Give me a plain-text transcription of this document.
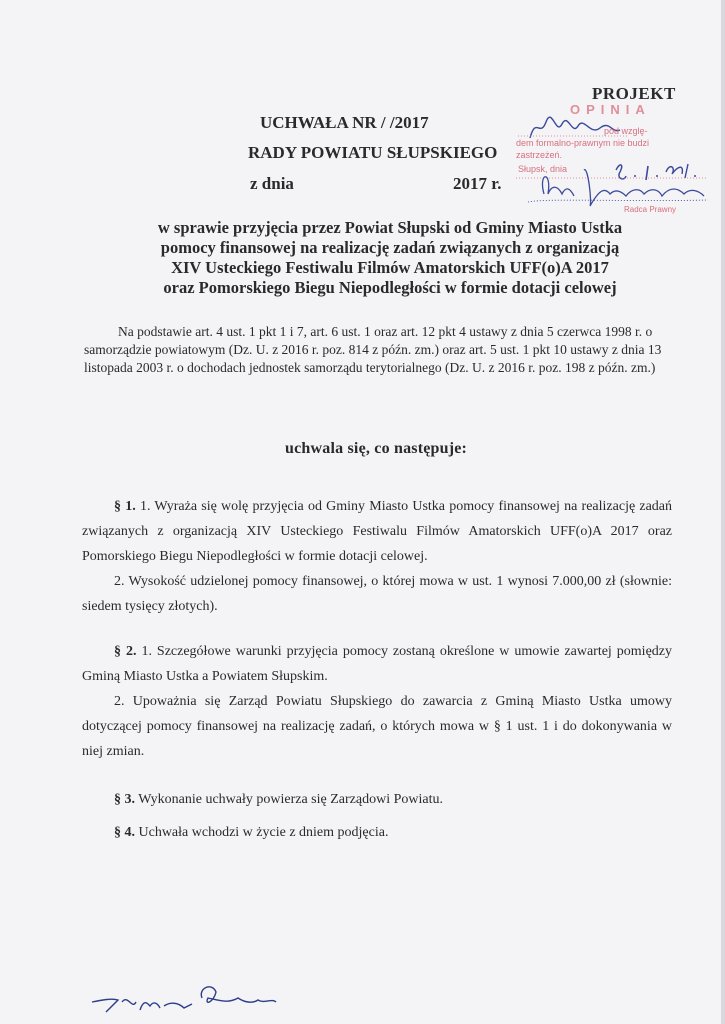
PROJEKT
UCHWAŁA NR / /2017
RADY POWIATU SŁUPSKIEGO
z dnia	2017 r.
OPINIA
pod wzglę-
dem formalno-prawnym nie budzi
zastrzeżeń.
Słupsk, dnia
Radca Prawny
w sprawie przyjęcia przez Powiat Słupski od Gminy Miasto Ustka
pomocy finansowej na realizację zadań związanych z organizacją
XIV Usteckiego Festiwalu Filmów Amatorskich UFF(o)A 2017
oraz Pomorskiego Biegu Niepodległości w formie dotacji celowej

Na podstawie art. 4 ust. 1 pkt 1 i 7, art. 6 ust. 1 oraz art. 12 pkt 4 ustawy z dnia 5 czerwca 1998 r. o samorządzie powiatowym (Dz. U. z 2016 r. poz. 814 z późn. zm.) oraz art. 5 ust. 1 pkt 10 ustawy z dnia 13 listopada 2003 r. o dochodach jednostek samorządu terytorialnego (Dz. U. z 2016 r. poz. 198 z późn. zm.)

uchwala się, co następuje:

§ 1. 1. Wyraża się wolę przyjęcia od Gminy Miasto Ustka pomocy finansowej na realizację zadań związanych z organizacją XIV Usteckiego Festiwalu Filmów Amatorskich UFF(o)A 2017 oraz Pomorskiego Biegu Niepodległości w formie dotacji celowej.

2. Wysokość udzielonej pomocy finansowej, o której mowa w ust. 1 wynosi 7.000,00 zł (słownie: siedem tysięcy złotych).

§ 2. 1. Szczegółowe warunki przyjęcia pomocy zostaną określone w umowie zawartej pomiędzy Gminą Miasto Ustka a Powiatem Słupskim.

2. Upoważnia się Zarząd Powiatu Słupskiego do zawarcia z Gminą Miasto Ustka umowy dotyczącej pomocy finansowej na realizację zadań, o których mowa w § 1 ust. 1 i do dokonywania w niej zmian.

§ 3. Wykonanie uchwały powierza się Zarządowi Powiatu.

§ 4. Uchwała wchodzi w życie z dniem podjęcia.
